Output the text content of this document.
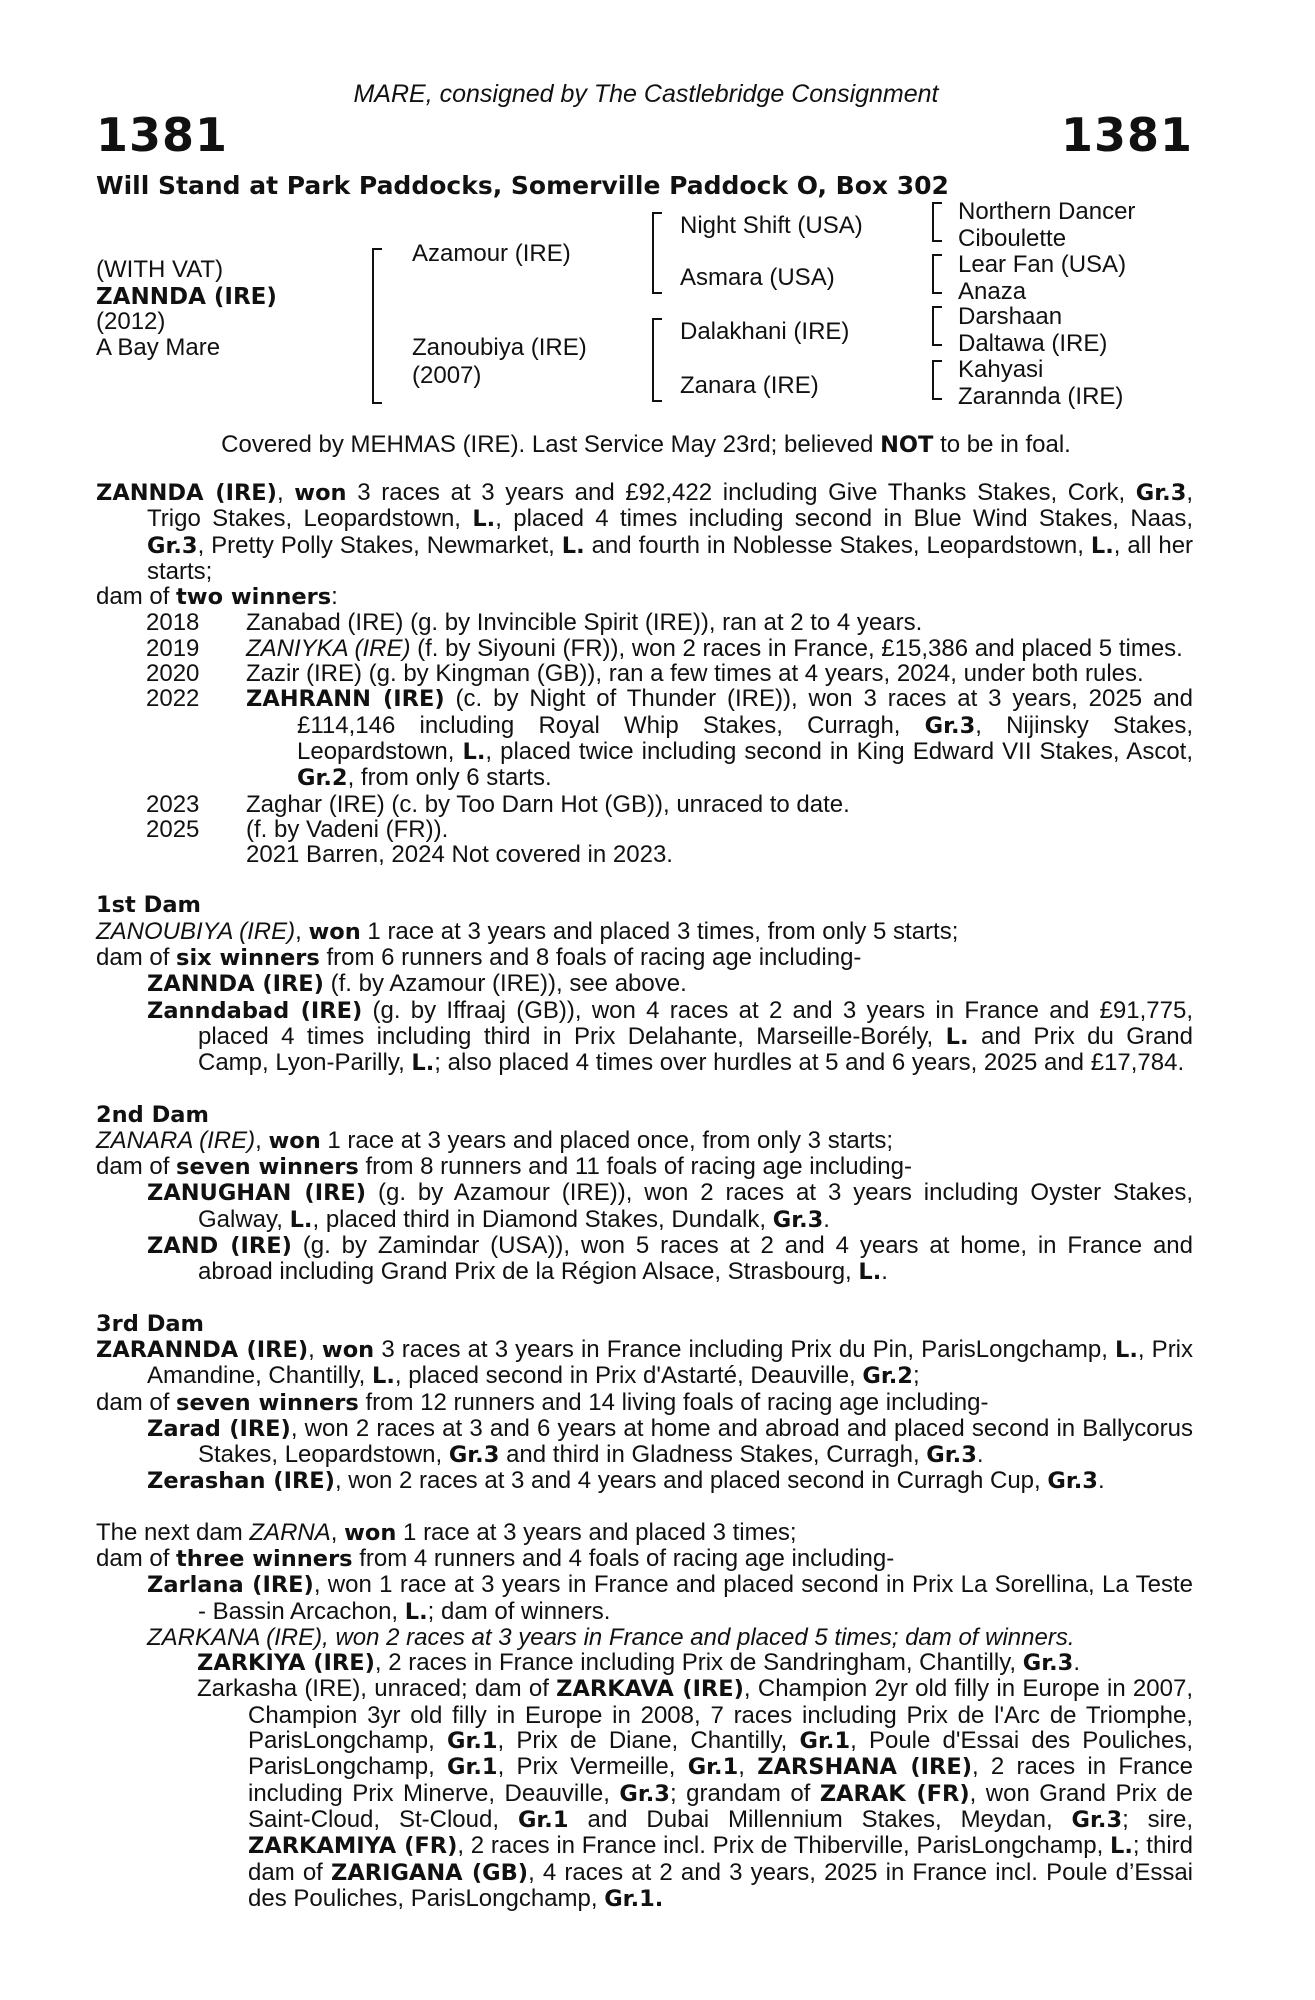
MARE, consigned by The Castlebridge Consignment
1381	1381
Will Stand at Park Paddocks, Somerville Paddock O, Box 302
(WITH VAT)
ZANNDA (IRE)
(2012)
A Bay Mare
Azamour (IRE)
Zanoubiya (IRE)
(2007)
Night Shift (USA)
Asmara (USA)
Dalakhani (IRE)
Zanara (IRE)
Northern Dancer
Ciboulette
Lear Fan (USA)
Anaza
Darshaan
Daltawa (IRE)
Kahyasi
Zarannda (IRE)
Covered by MEHMAS (IRE). Last Service May 23rd; believed NOT to be in foal.

ZANNDA (IRE), won 3 races at 3 years and £92,422 including Give Thanks Stakes, Cork, Gr.3, Trigo Stakes, Leopardstown, L., placed 4 times including second in Blue Wind Stakes, Naas, Gr.3, Pretty Polly Stakes, Newmarket, L. and fourth in Noblesse Stakes, Leopardstown, L., all her starts;

dam of two winners:

2018	Zanabad (IRE) (g. by Invincible Spirit (IRE)), ran at 2 to 4 years.
2019	ZANIYKA (IRE) (f. by Siyouni (FR)), won 2 races in France, £15,386 and placed 5 times.
2020	Zazir (IRE) (g. by Kingman (GB)), ran a few times at 4 years, 2024, under both rules.
2022	ZAHRANN (IRE) (c. by Night of Thunder (IRE)), won 3 races at 3 years, 2025 and £114,146 including Royal Whip Stakes, Curragh, Gr.3, Nijinsky Stakes, Leopardstown, L., placed twice including second in King Edward VII Stakes, Ascot, Gr.2, from only 6 starts.
2023	Zaghar (IRE) (c. by Too Darn Hot (GB)), unraced to date.
2025	(f. by Vadeni (FR)).
2021 Barren, 2024 Not covered in 2023.

1st Dam

ZANOUBIYA (IRE), won 1 race at 3 years and placed 3 times, from only 5 starts;

dam of six winners from 6 runners and 8 foals of racing age including-

ZANNDA (IRE) (f. by Azamour (IRE)), see above.

Zanndabad (IRE) (g. by Iffraaj (GB)), won 4 races at 2 and 3 years in France and £91,775, placed 4 times including third in Prix Delahante, Marseille-Borély, L. and Prix du Grand Camp, Lyon-Parilly, L.; also placed 4 times over hurdles at 5 and 6 years, 2025 and £17,784.

2nd Dam

ZANARA (IRE), won 1 race at 3 years and placed once, from only 3 starts;

dam of seven winners from 8 runners and 11 foals of racing age including-

ZANUGHAN (IRE) (g. by Azamour (IRE)), won 2 races at 3 years including Oyster Stakes, Galway, L., placed third in Diamond Stakes, Dundalk, Gr.3.

ZAND (IRE) (g. by Zamindar (USA)), won 5 races at 2 and 4 years at home, in France and abroad including Grand Prix de la Région Alsace, Strasbourg, L..

3rd Dam

ZARANNDA (IRE), won 3 races at 3 years in France including Prix du Pin, ParisLongchamp, L., Prix Amandine, Chantilly, L., placed second in Prix d'Astarté, Deauville, Gr.2;

dam of seven winners from 12 runners and 14 living foals of racing age including-

Zarad (IRE), won 2 races at 3 and 6 years at home and abroad and placed second in Ballycorus Stakes, Leopardstown, Gr.3 and third in Gladness Stakes, Curragh, Gr.3.

Zerashan (IRE), won 2 races at 3 and 4 years and placed second in Curragh Cup, Gr.3.

The next dam ZARNA, won 1 race at 3 years and placed 3 times;

dam of three winners from 4 runners and 4 foals of racing age including-

Zarlana (IRE), won 1 race at 3 years in France and placed second in Prix La Sorellina, La Teste - Bassin Arcachon, L.; dam of winners.

ZARKANA (IRE), won 2 races at 3 years in France and placed 5 times; dam of winners.

ZARKIYA (IRE), 2 races in France including Prix de Sandringham, Chantilly, Gr.3.

Zarkasha (IRE), unraced; dam of ZARKAVA (IRE), Champion 2yr old filly in Europe in 2007, Champion 3yr old filly in Europe in 2008, 7 races including Prix de l'Arc de Triomphe, ParisLongchamp, Gr.1, Prix de Diane, Chantilly, Gr.1, Poule d'Essai des Pouliches, ParisLongchamp, Gr.1, Prix Vermeille, Gr.1, ZARSHANA (IRE), 2 races in France including Prix Minerve, Deauville, Gr.3; grandam of ZARAK (FR), won Grand Prix de Saint-Cloud, St-Cloud, Gr.1 and Dubai Millennium Stakes, Meydan, Gr.3; sire, ZARKAMIYA (FR), 2 races in France incl. Prix de Thiberville, ParisLongchamp, L.; third dam of ZARIGANA (GB), 4 races at 2 and 3 years, 2025 in France incl. Poule d’Essai des Pouliches, ParisLongchamp, Gr.1.
